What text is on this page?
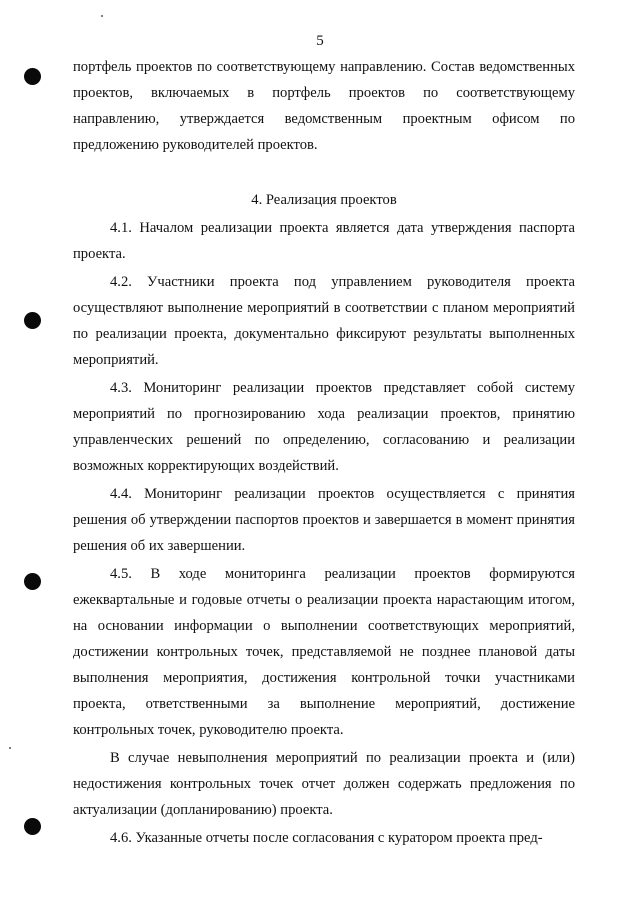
5

портфель проектов по соответствующему направлению. Состав ведомственных проектов, включаемых в портфель проектов по соответствующему направлению, утверждается ведомственным проектным офисом по предложению руководителей проектов.

4. Реализация проектов

4.1. Началом реализации проекта является дата утверждения паспорта проекта.

4.2. Участники проекта под управлением руководителя проекта осуществляют выполнение мероприятий в соответствии с планом мероприятий по реализации проекта, документально фиксируют результаты выполненных мероприятий.

4.3. Мониторинг реализации проектов представляет собой систему мероприятий по прогнозированию хода реализации проектов, принятию управленческих решений по определению, согласованию и реализации возможных корректирующих воздействий.

4.4. Мониторинг реализации проектов осуществляется с принятия решения об утверждении паспортов проектов и завершается в момент принятия решения об их завершении.

4.5. В ходе мониторинга реализации проектов формируются ежеквартальные и годовые отчеты о реализации проекта нарастающим итогом, на основании информации о выполнении соответствующих мероприятий, достижении контрольных точек, представляемой не позднее плановой даты выполнения мероприятия, достижения контрольной точки участниками проекта, ответственными за выполнение мероприятий, достижение контрольных точек, руководителю проекта.

В случае невыполнения мероприятий по реализации проекта и (или) недостижения контрольных точек отчет должен содержать предложения по актуализации (допланированию) проекта.

4.6. Указанные отчеты после согласования с куратором проекта пред-
